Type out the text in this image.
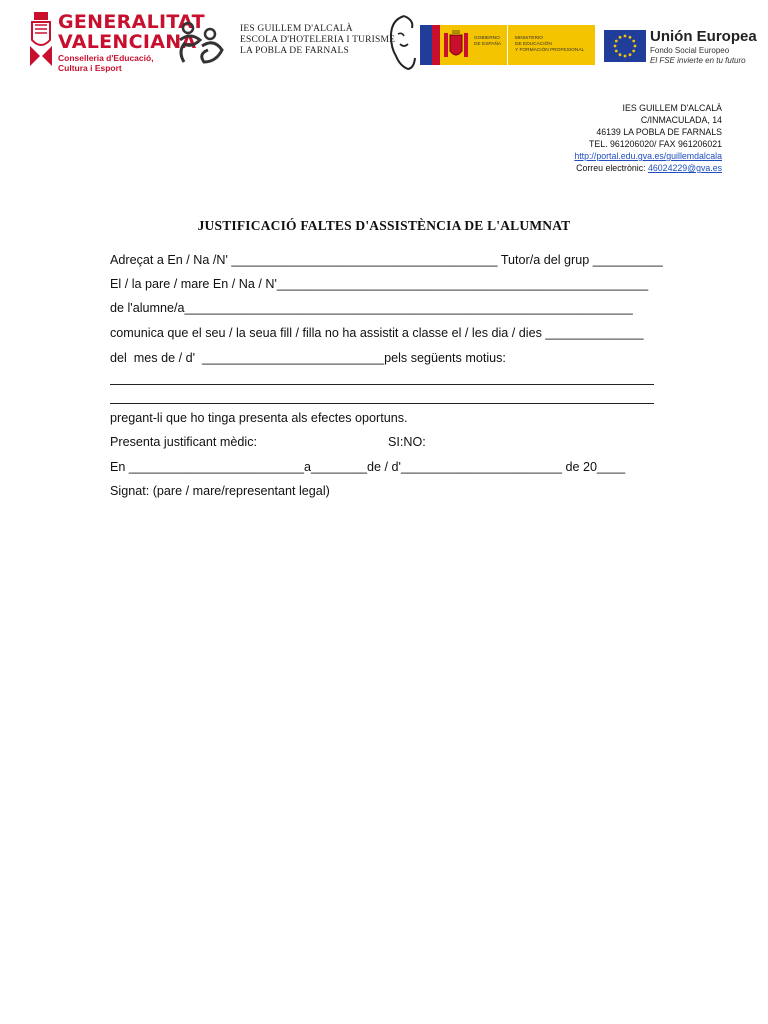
GENERALITAT
VALENCIANA
Conselleria d'Educació,
Cultura i Esport
IES GUILLEM D'ALCALÀ
ESCOLA D'HOTELERIA I TURISME
LA POBLA DE FARNALS
GOBIERNO
DE ESPAÑA
MINISTERIO
DE EDUCACIÓN
Y FORMACIÓN PROFESIONAL
Unión Europea
Fondo Social Europeo
El FSE invierte en tu futuro
IES GUILLEM D'ALCALÀ
C/INMACULADA, 14
46139 LA POBLA DE FARNALS
TEL. 961206020/ FAX 961206021
http://portal.edu.gva.es/guillemdalcala
Correu electrònic: 46024229@gva.es
JUSTIFICACIÓ FALTES D'ASSISTÈNCIA DE L'ALUMNAT
Adreçat a En / Na /N' ______________________________________ Tutor/a del grup __________
El / la pare / mare En / Na / N'_____________________________________________________
de l'alumne/a________________________________________________________________
comunica que el seu / la seua fill / filla no ha assistit a classe el / les dia / dies ______________
del  mes de / d'  __________________________pels següents motius:
pregant-li que ho tinga presenta als efectes oportuns.
Presenta justificant mèdic:	SI:NO:
En _________________________a________de / d'_______________________ de 20____
Signat: (pare / mare/representant legal)
